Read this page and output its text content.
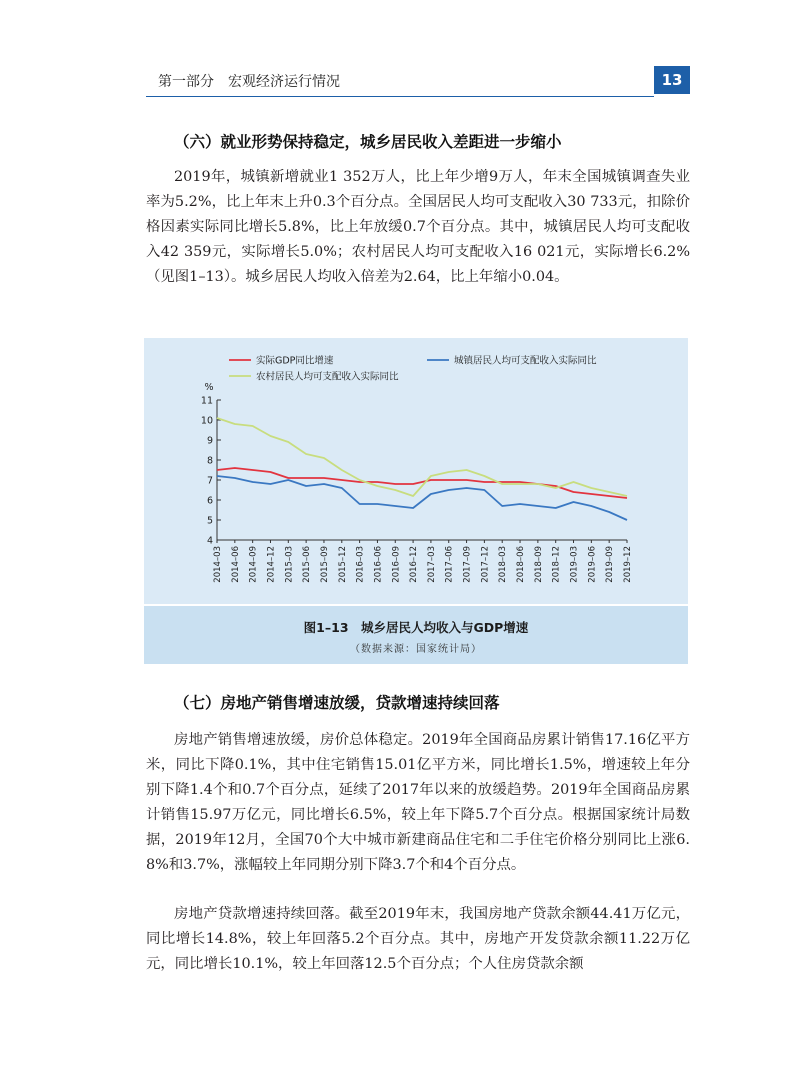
第一部分　宏观经济运行情况	13
（六）就业形势保持稳定，城乡居民收入差距进一步缩小

2019年，城镇新增就业1 352万人，比上年少增9万人，年末全国城镇调查失业率为5.2%，比上年末上升0.3个百分点。全国居民人均可支配收入30 733元，扣除价格因素实际同比增长5.8%，比上年放缓0.7个百分点。其中，城镇居民人均可支配收入42 359元，实际增长5.0%；农村居民人均可支配收入16 021元，实际增长6.2%（见图1–13）。城乡居民人均收入倍差为2.64，比上年缩小0.04。

4
5
6
7
8
9
10
11
%
2014–03 2014–06 2014–09 2014–12 2015–03 2015–06 2015–09 2015–12 2016–03 2016–06 2016–09 2016–12 2017–03 2017–06 2017–09 2017–12 2018–03 2018–06 2018–09 2018–12 2019–03 2019–06 2019–09 2019–12
实际GDP同比增速	城镇居民人均可支配收入实际同比
农村居民人均可支配收入实际同比
图1–13　城乡居民人均收入与GDP增速
（数据来源：国家统计局）
（七）房地产销售增速放缓，贷款增速持续回落

房地产销售增速放缓，房价总体稳定。2019年全国商品房累计销售17.16亿平方米，同比下降0.1%，其中住宅销售15.01亿平方米，同比增长1.5%，增速较上年分别下降1.4个和0.7个百分点，延续了2017年以来的放缓趋势。2019年全国商品房累计销售15.97万亿元，同比增长6.5%，较上年下降5.7个百分点。根据国家统计局数据，2019年12月，全国70个大中城市新建商品住宅和二手住宅价格分别同比上涨6.8%和3.7%，涨幅较上年同期分别下降3.7个和4个百分点。

房地产贷款增速持续回落。截至2019年末，我国房地产贷款余额44.41万亿元，同比增长14.8%，较上年回落5.2个百分点。其中，房地产开发贷款余额11.22万亿元，同比增长10.1%，较上年回落12.5个百分点；个人住房贷款余额
